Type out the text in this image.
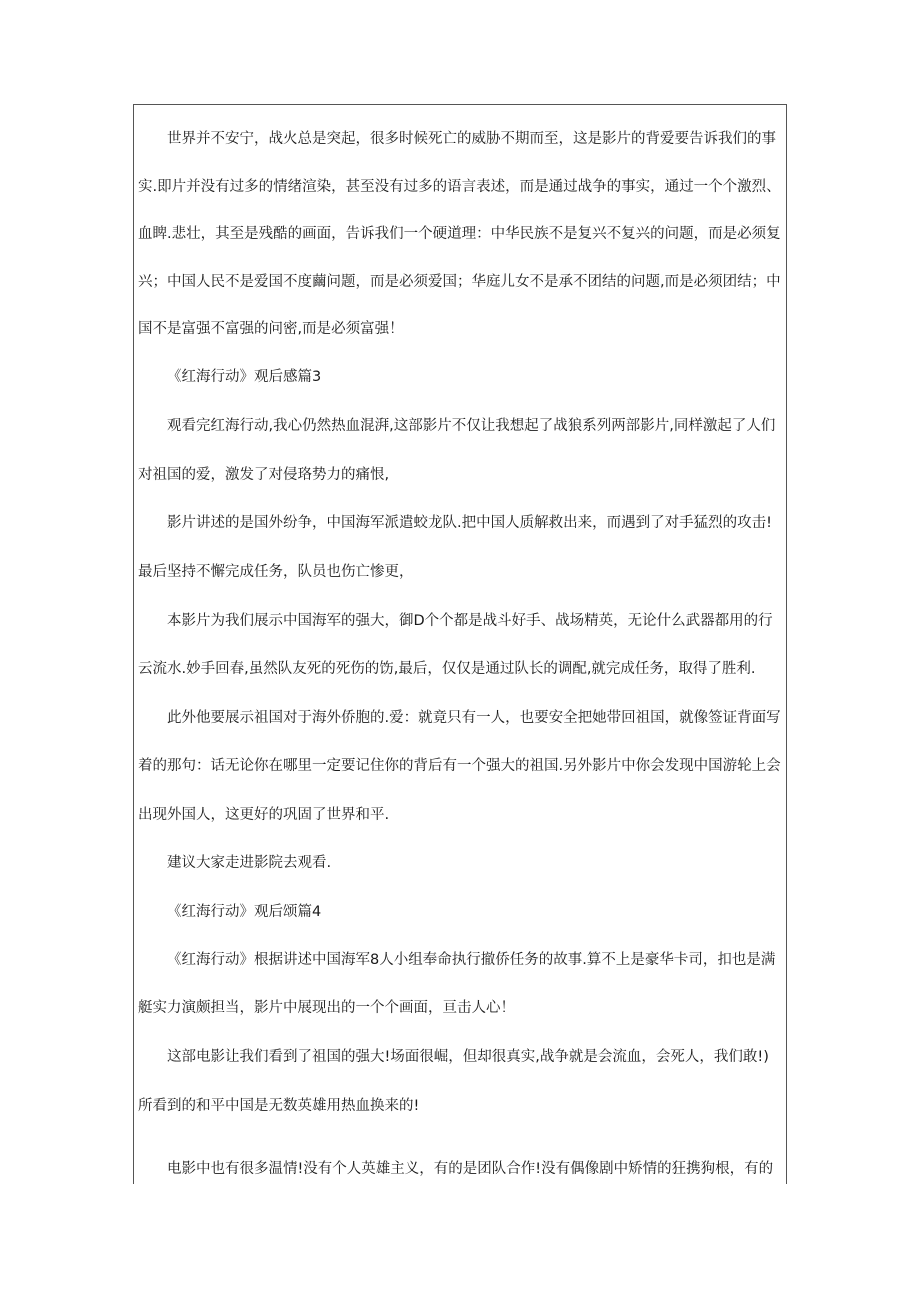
世界并不安宁，战火总是突起，很多时候死亡的威胁不期而至，这是影片的背爱要告诉我们的事
实.即片并没有过多的情绪渲染，甚至没有过多的语言表述，而是通过战争的事实，通过一个个激烈、
血睥.悲壮，其至是残酷的画面，告诉我们一个硬道理：中华民族不是复兴不复兴的问题，而是必须复
兴；中国人民不是爱国不度繭问题，而是必须爱国；华庭儿女不是承不团结的问题,而是必须团结；中
国不是富强不富强的问密,而是必须富强！
《红海行动》观后感篇3
观看完红海行动,我心仍然热血混湃,这部影片不仅让我想起了战狼系列两部影片,同样激起了人们
对祖国的爱，激发了对侵珞势力的痛恨,
影片讲述的是国外纷争，中国海军派遣蛟龙队.把中国人质解救出来，而遇到了对手猛烈的攻击!
最后坚持不懈完成任务，队员也伤亡惨更，
本影片为我们展示中国海军的强大，御D个个都是战斗好手、战场精英，无论什么武器都用的行
云流水.妙手回春,虽然队友死的死伤的饬,最后，仅仅是通过队长的调配,就完成任务，取得了胜利.
此外他要展示祖国对于海外侨胞的.爱：就竟只有一人，也要安全把她带回祖国，就像签证背面写
着的那句：话无论你在哪里一定要记住你的背后有一个强大的祖国.另外影片中你会发现中国游轮上会
出现外国人，这更好的巩固了世界和平.
建议大家走进影院去观看.
《红海行动》观后颂篇4
《红海行动》根据讲述中国海军8人小组奉命执行撤侨任务的故事.算不上是豪华卡司，扣也是满
艇实力演颇担当，影片中展现出的一个个画面，亘击人心！
这部电影让我们看到了祖国的强大!场面很崛，但却很真实,战争就是会流血，会死人，我们敢!)
所看到的和平中国是无数英雄用热血换来的!
电影中也有很多温情!没有个人英雄主义，有的是团队合作!没有偶像剧中矫情的狂携狗根，有的
